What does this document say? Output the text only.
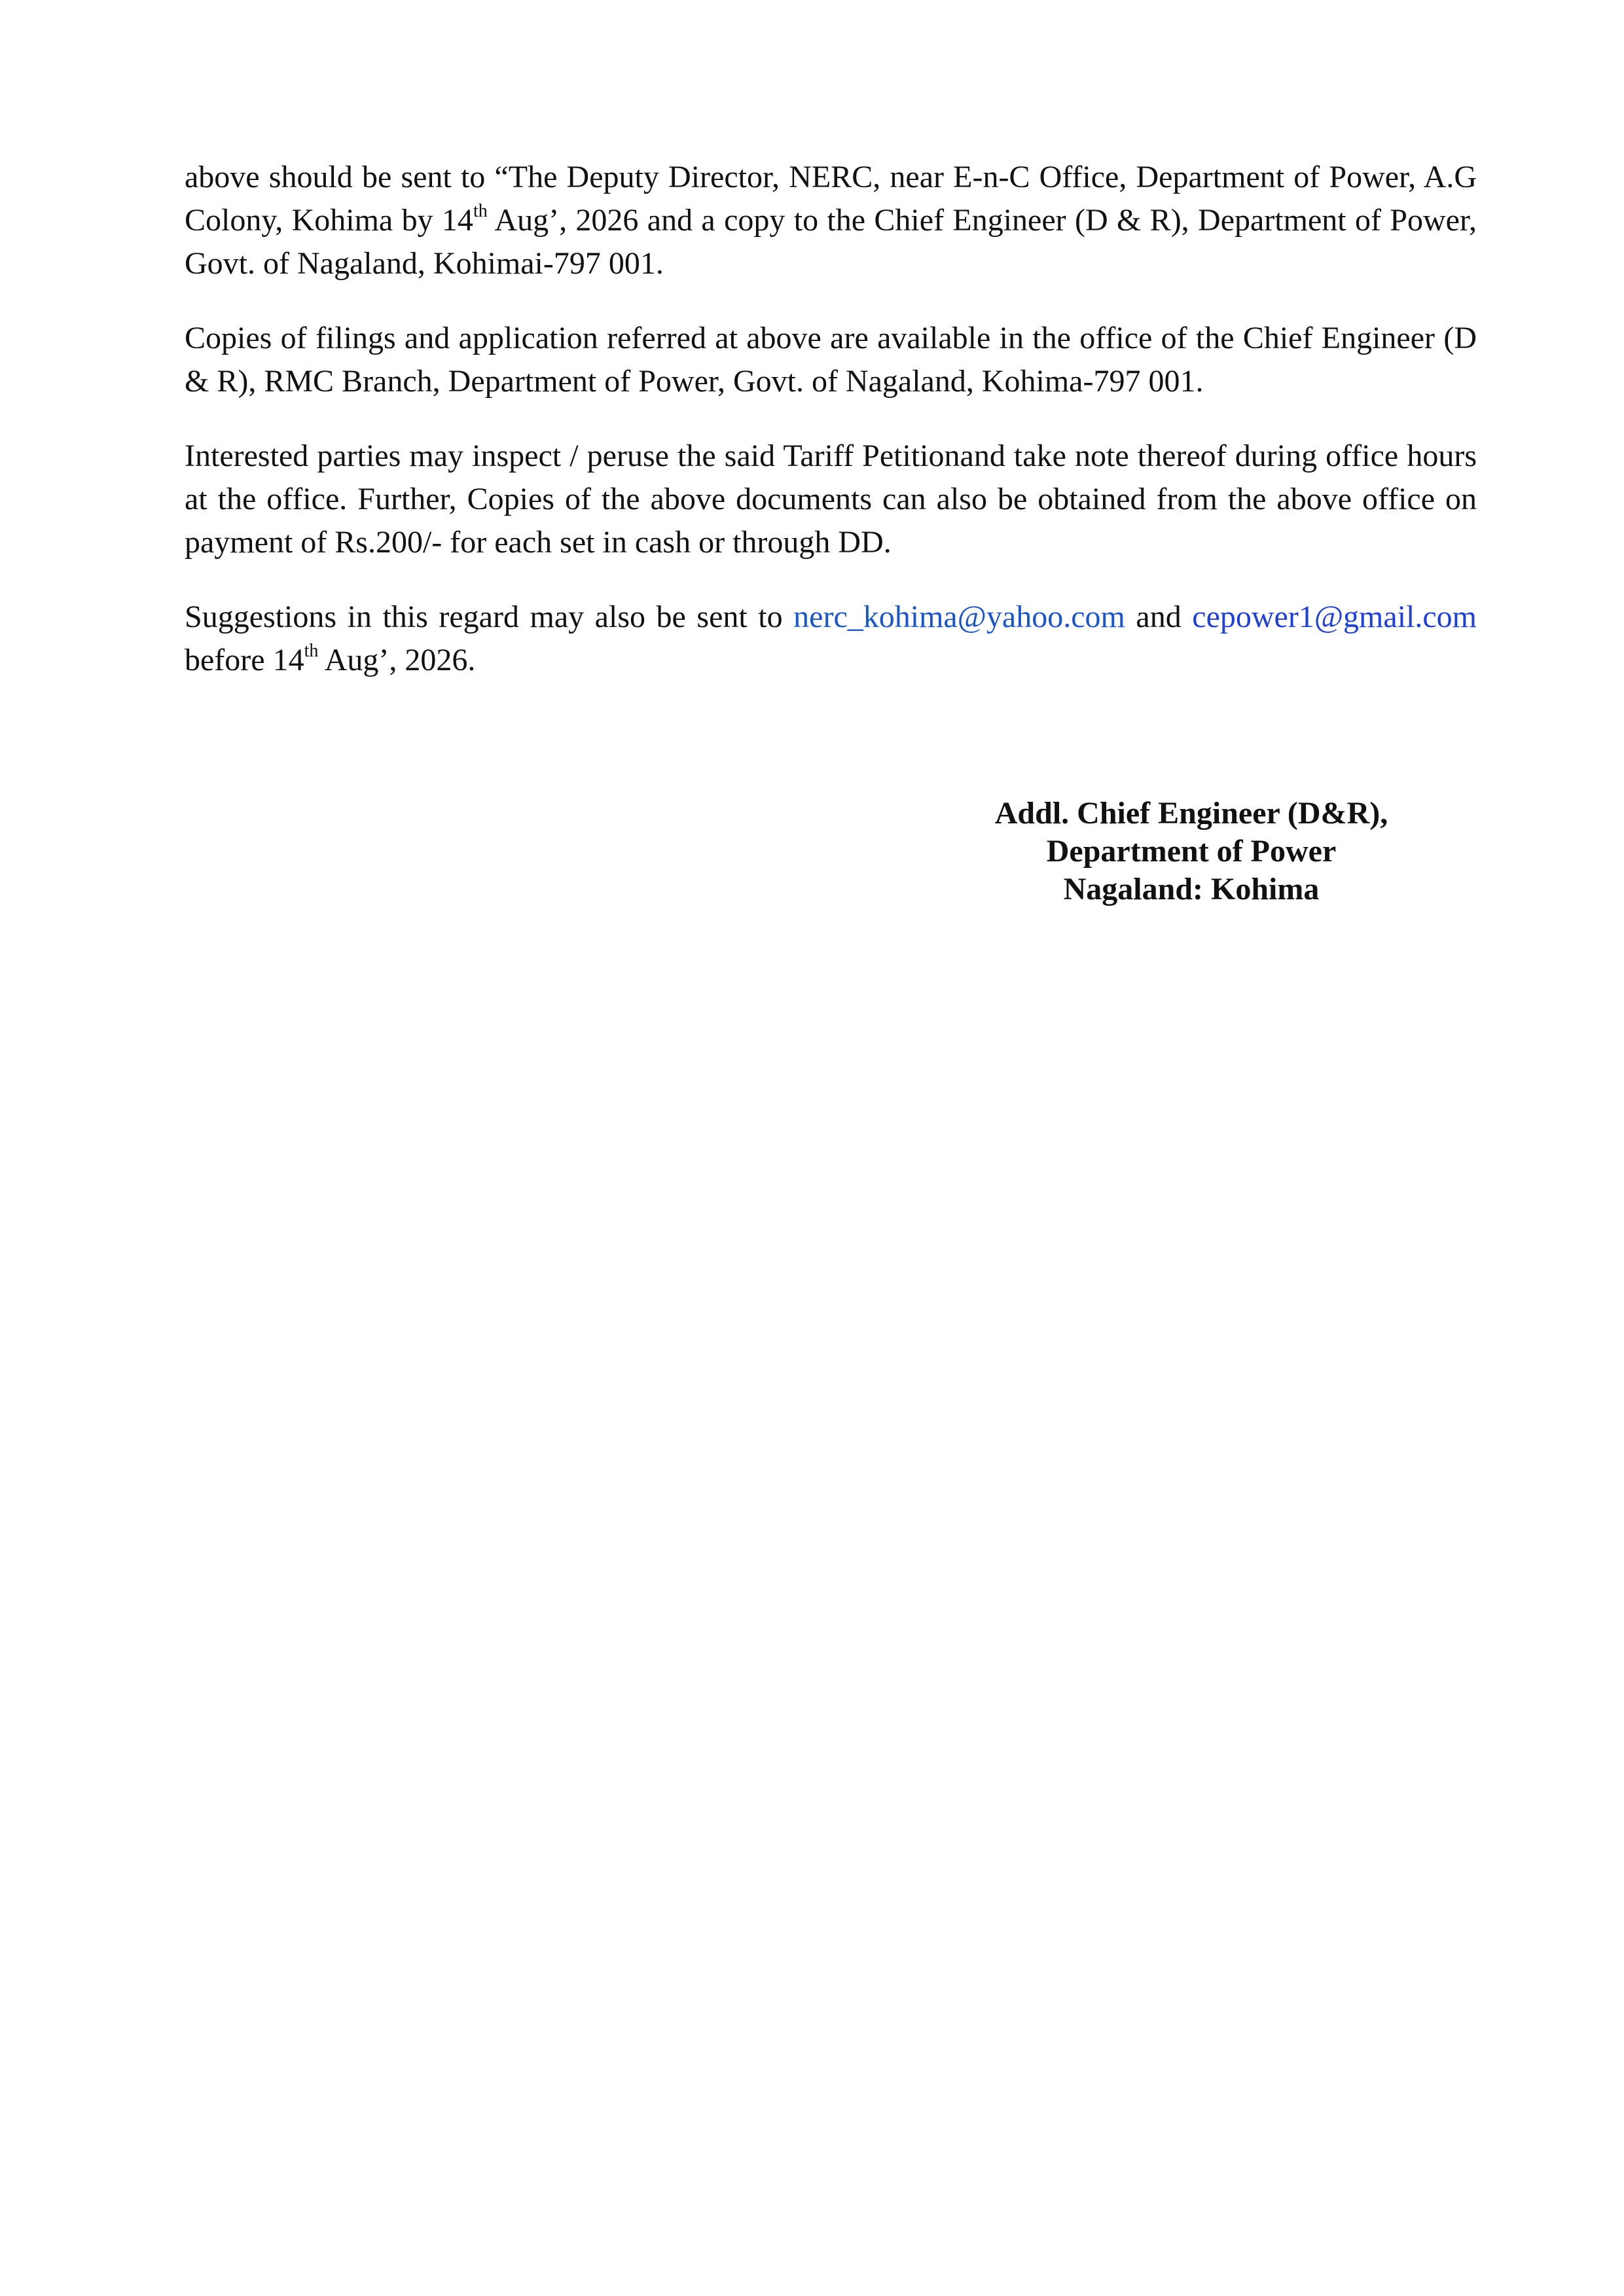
above should be sent to “The Deputy Director, NERC, near E-n-C Office, Department of Power, A.G Colony, Kohima by 14th Aug’, 2026 and a copy to the Chief Engineer (D & R), Department of Power, Govt. of Nagaland, Kohimai-797 001.

Copies of filings and application referred at above are available in the office of the Chief Engineer (D & R), RMC Branch, Department of Power, Govt. of Nagaland, Kohima-797 001.

Interested parties may inspect / peruse the said Tariff Petitionand take note thereof during office hours at the office. Further, Copies of the above documents can also be obtained from the above office on payment of Rs.200/- for each set in cash or through DD.

Suggestions in this regard may also be sent to nerc_kohima@yahoo.com and cepower1@gmail.com before 14th Aug’, 2026.

Addl. Chief Engineer (D&R),
Department of Power
Nagaland: Kohima
